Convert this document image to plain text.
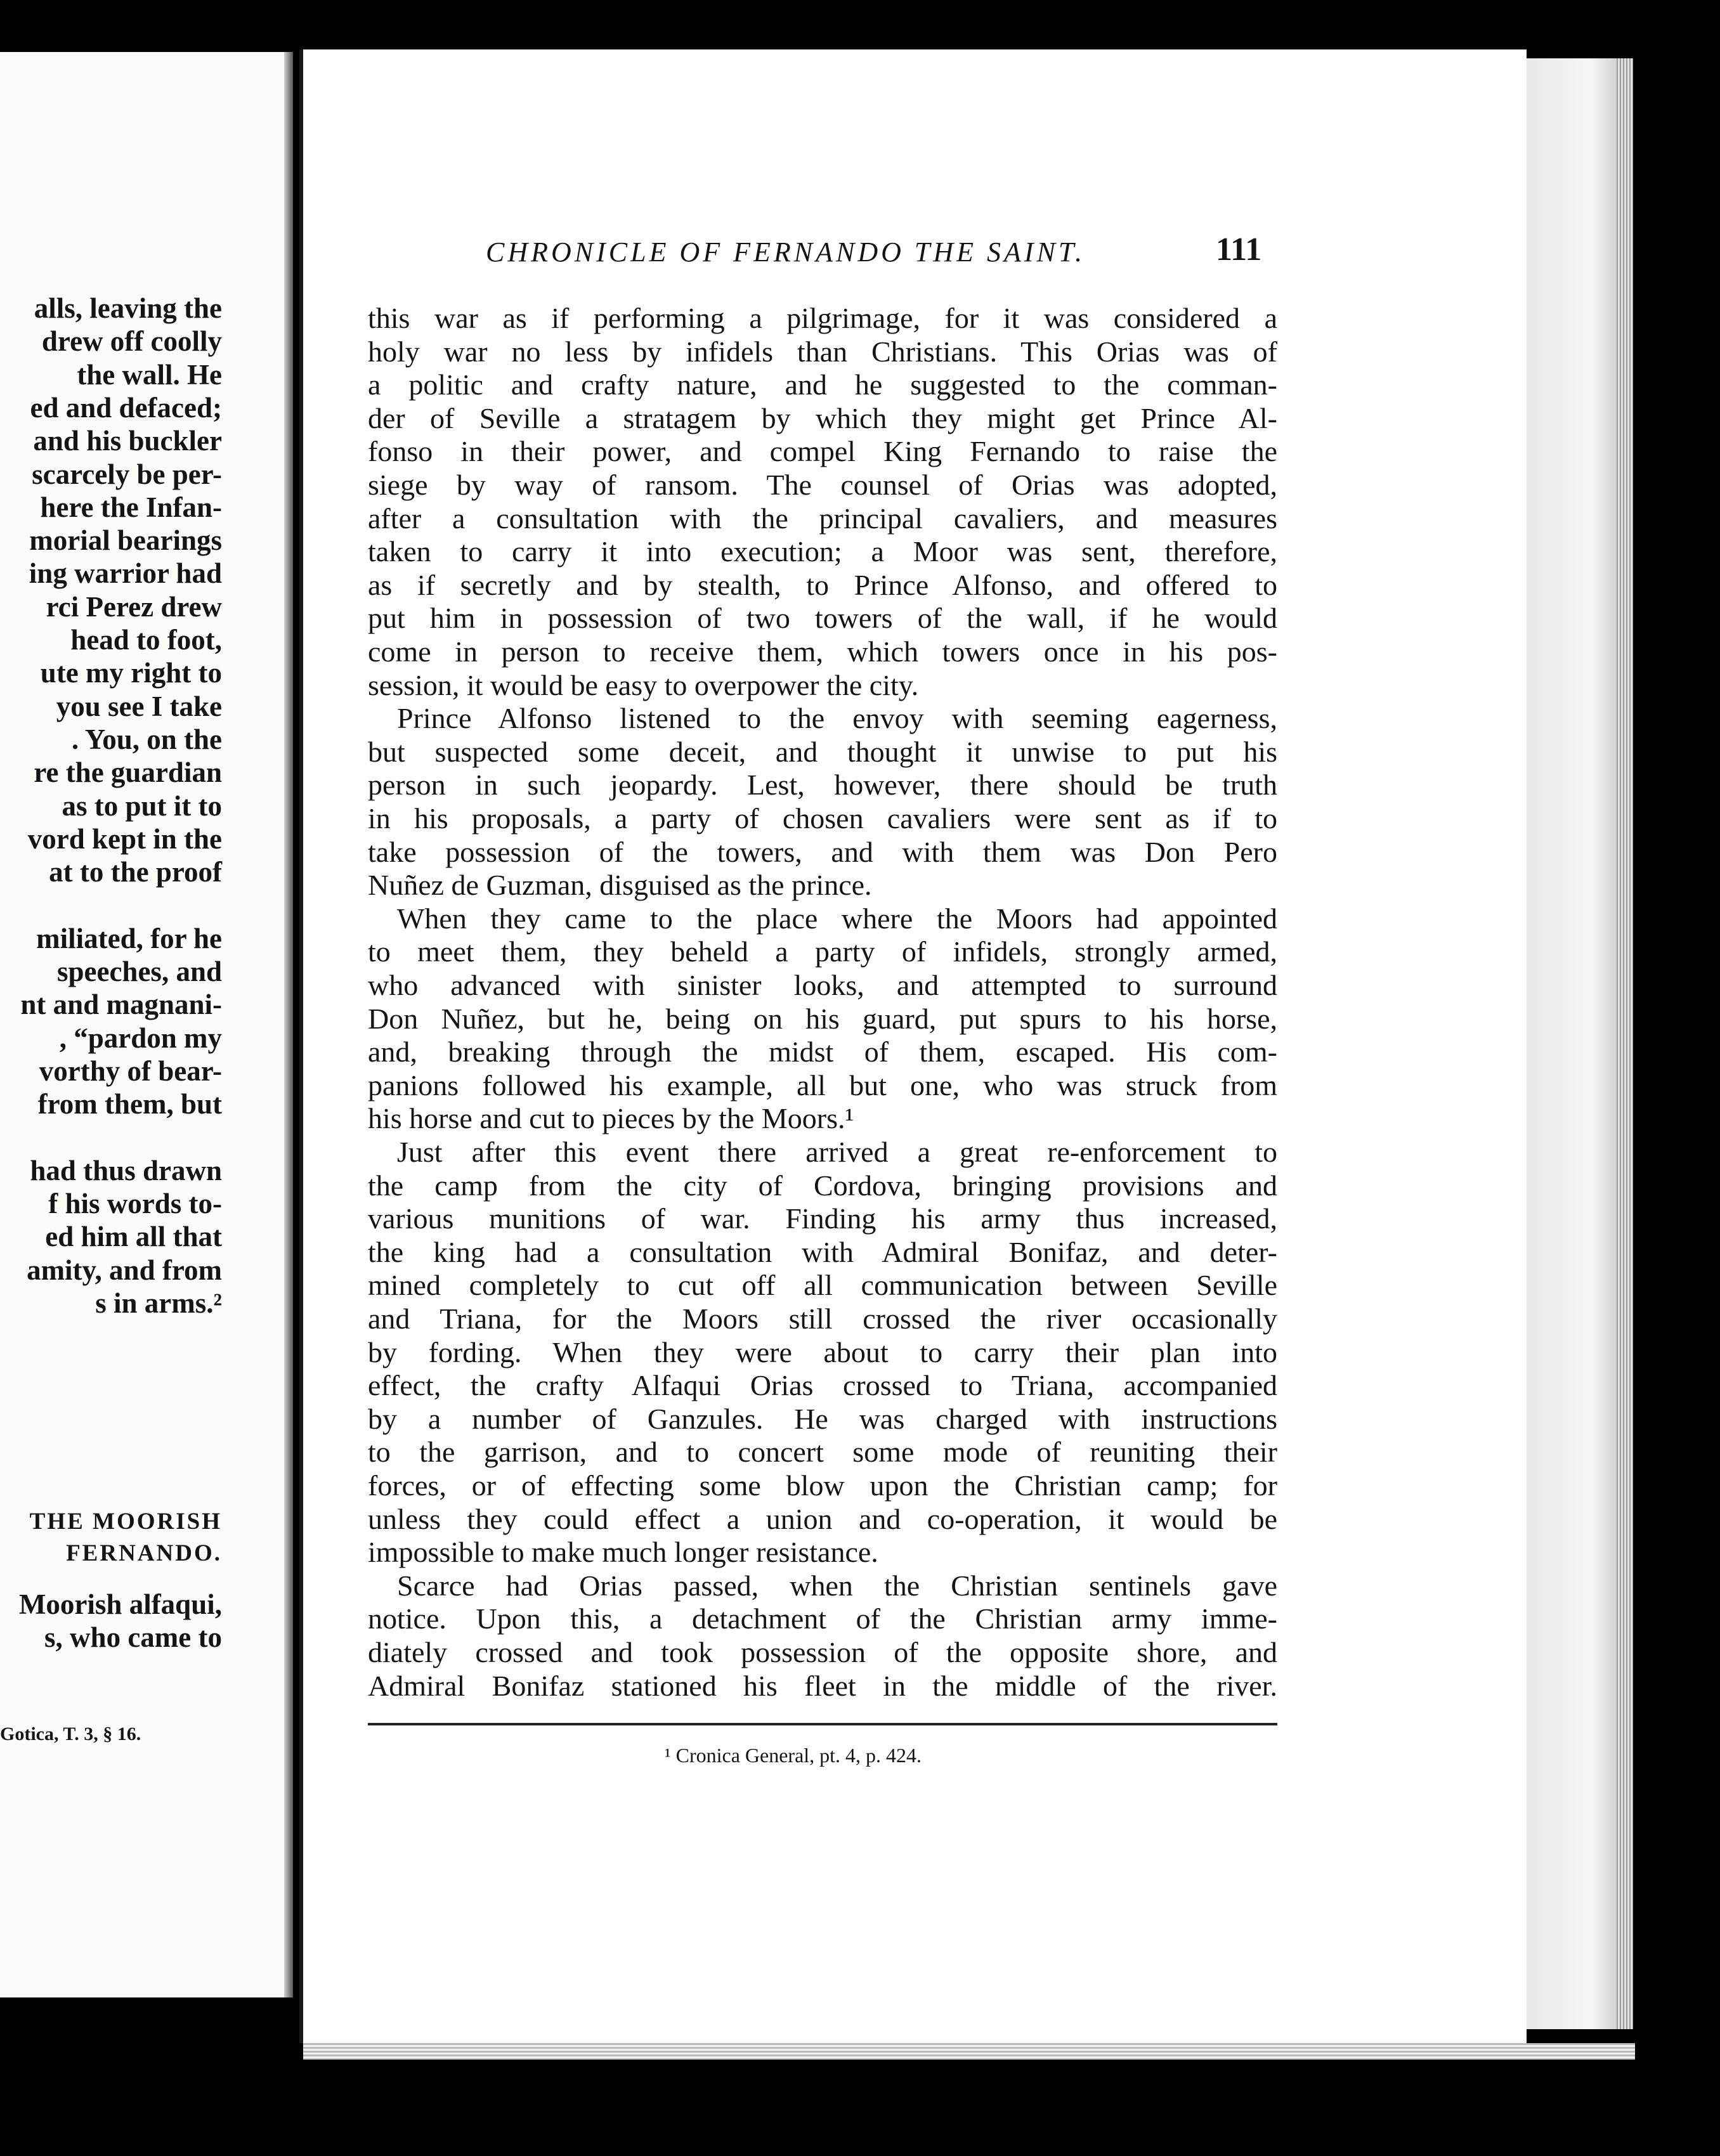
alls, leaving the
drew off coolly
the wall. He
ed and defaced;
and his buckler
scarcely be per-
here the Infan-
morial bearings
ing warrior had
rci Perez drew
head to foot,
ute my right to
you see I take
. You, on the
re the guardian
as to put it to
vord kept in the
at to the proof
miliated, for he
speeches, and
nt and magnani-
, “pardon my
vorthy of bear-
from them, but
had thus drawn
f his words to-
ed him all that
amity, and from
s in arms.²
THE MOORISH
FERNANDO.
Moorish alfaqui,
s, who came to
Gotica, T. 3, § 16.
CHRONICLE OF FERNANDO THE SAINT.	111
this war as if performing a pilgrimage, for it was considered a
holy war no less by infidels than Christians. This Orias was of
a politic and crafty nature, and he suggested to the comman-
der of Seville a stratagem by which they might get Prince Al-
fonso in their power, and compel King Fernando to raise the
siege by way of ransom. The counsel of Orias was adopted,
after a consultation with the principal cavaliers, and measures
taken to carry it into execution; a Moor was sent, therefore,
as if secretly and by stealth, to Prince Alfonso, and offered to
put him in possession of two towers of the wall, if he would
come in person to receive them, which towers once in his pos-
session, it would be easy to overpower the city.
Prince Alfonso listened to the envoy with seeming eagerness,
but suspected some deceit, and thought it unwise to put his
person in such jeopardy. Lest, however, there should be truth
in his proposals, a party of chosen cavaliers were sent as if to
take possession of the towers, and with them was Don Pero
Nuñez de Guzman, disguised as the prince.
When they came to the place where the Moors had appointed
to meet them, they beheld a party of infidels, strongly armed,
who advanced with sinister looks, and attempted to surround
Don Nuñez, but he, being on his guard, put spurs to his horse,
and, breaking through the midst of them, escaped. His com-
panions followed his example, all but one, who was struck from
his horse and cut to pieces by the Moors.¹
Just after this event there arrived a great re-enforcement to
the camp from the city of Cordova, bringing provisions and
various munitions of war. Finding his army thus increased,
the king had a consultation with Admiral Bonifaz, and deter-
mined completely to cut off all communication between Seville
and Triana, for the Moors still crossed the river occasionally
by fording. When they were about to carry their plan into
effect, the crafty Alfaqui Orias crossed to Triana, accompanied
by a number of Ganzules. He was charged with instructions
to the garrison, and to concert some mode of reuniting their
forces, or of effecting some blow upon the Christian camp; for
unless they could effect a union and co-operation, it would be
impossible to make much longer resistance.
Scarce had Orias passed, when the Christian sentinels gave
notice. Upon this, a detachment of the Christian army imme-
diately crossed and took possession of the opposite shore, and
Admiral Bonifaz stationed his fleet in the middle of the river.
¹ Cronica General, pt. 4, p. 424.
